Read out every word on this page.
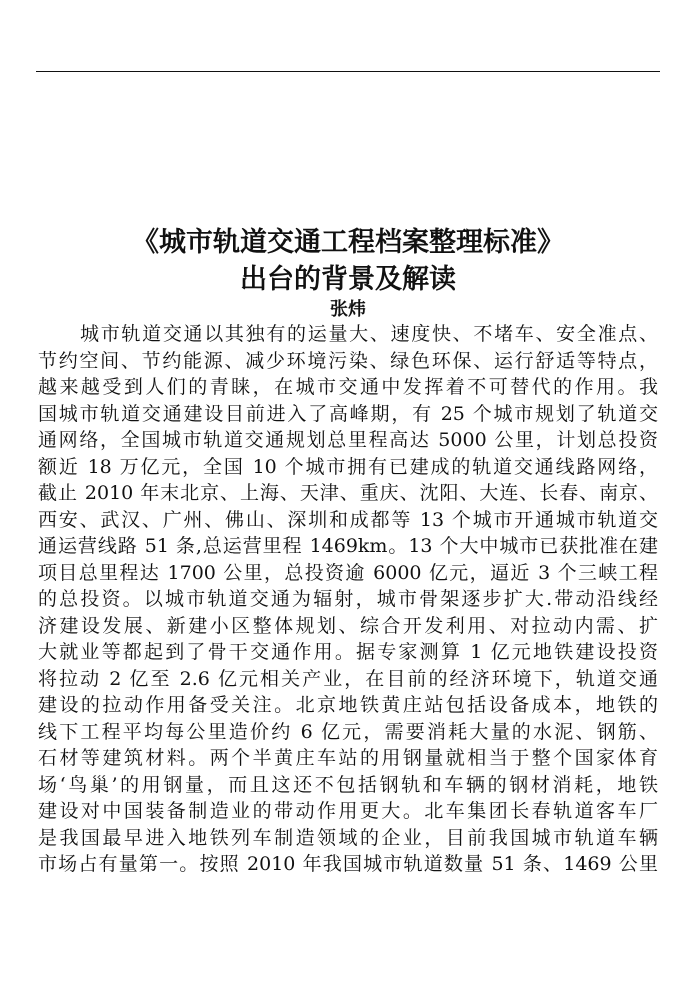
《城市轨道交通工程档案整理标准》
出台的背景及解读
张炜
城市轨道交通以其独有的运量大、速度快、不堵车、安全准点、
节约空间、节约能源、减少环境污染、绿色环保、运行舒适等特点，
越来越受到人们的青睐，在城市交通中发挥着不可替代的作用。我
国城市轨道交通建设目前进入了高峰期，有 25 个城市规划了轨道交
通网络，全国城市轨道交通规划总里程高达 5000 公里，计划总投资
额近 18 万亿元，全国 10 个城市拥有已建成的轨道交通线路网络，
截止 2010 年末北京、上海、天津、重庆、沈阳、大连、长春、南京、
西安、武汉、广州、佛山、深圳和成都等 13 个城市开通城市轨道交
通运营线路 51 条,总运营里程 1469km。13 个大中城市已获批准在建
项目总里程达 1700 公里，总投资逾 6000 亿元，逼近 3 个三峡工程
的总投资。以城市轨道交通为辐射，城市骨架逐步扩大.带动沿线经
济建设发展、新建小区整体规划、综合开发利用、对拉动内需、扩
大就业等都起到了骨干交通作用。据专家测算 1 亿元地铁建设投资
将拉动 2 亿至 2.6 亿元相关产业，在目前的经济环境下，轨道交通
建设的拉动作用备受关注。北京地铁黄庄站包括设备成本，地铁的
线下工程平均每公里造价约 6 亿元，需要消耗大量的水泥、钢筋、
石材等建筑材料。两个半黄庄车站的用钢量就相当于整个国家体育
场‘鸟巢’的用钢量，而且这还不包括钢轨和车辆的钢材消耗，地铁
建设对中国装备制造业的带动作用更大。北车集团长春轨道客车厂
是我国最早进入地铁列车制造领域的企业，目前我国城市轨道车辆
市场占有量第一。按照 2010 年我国城市轨道数量 51 条、1469 公里
